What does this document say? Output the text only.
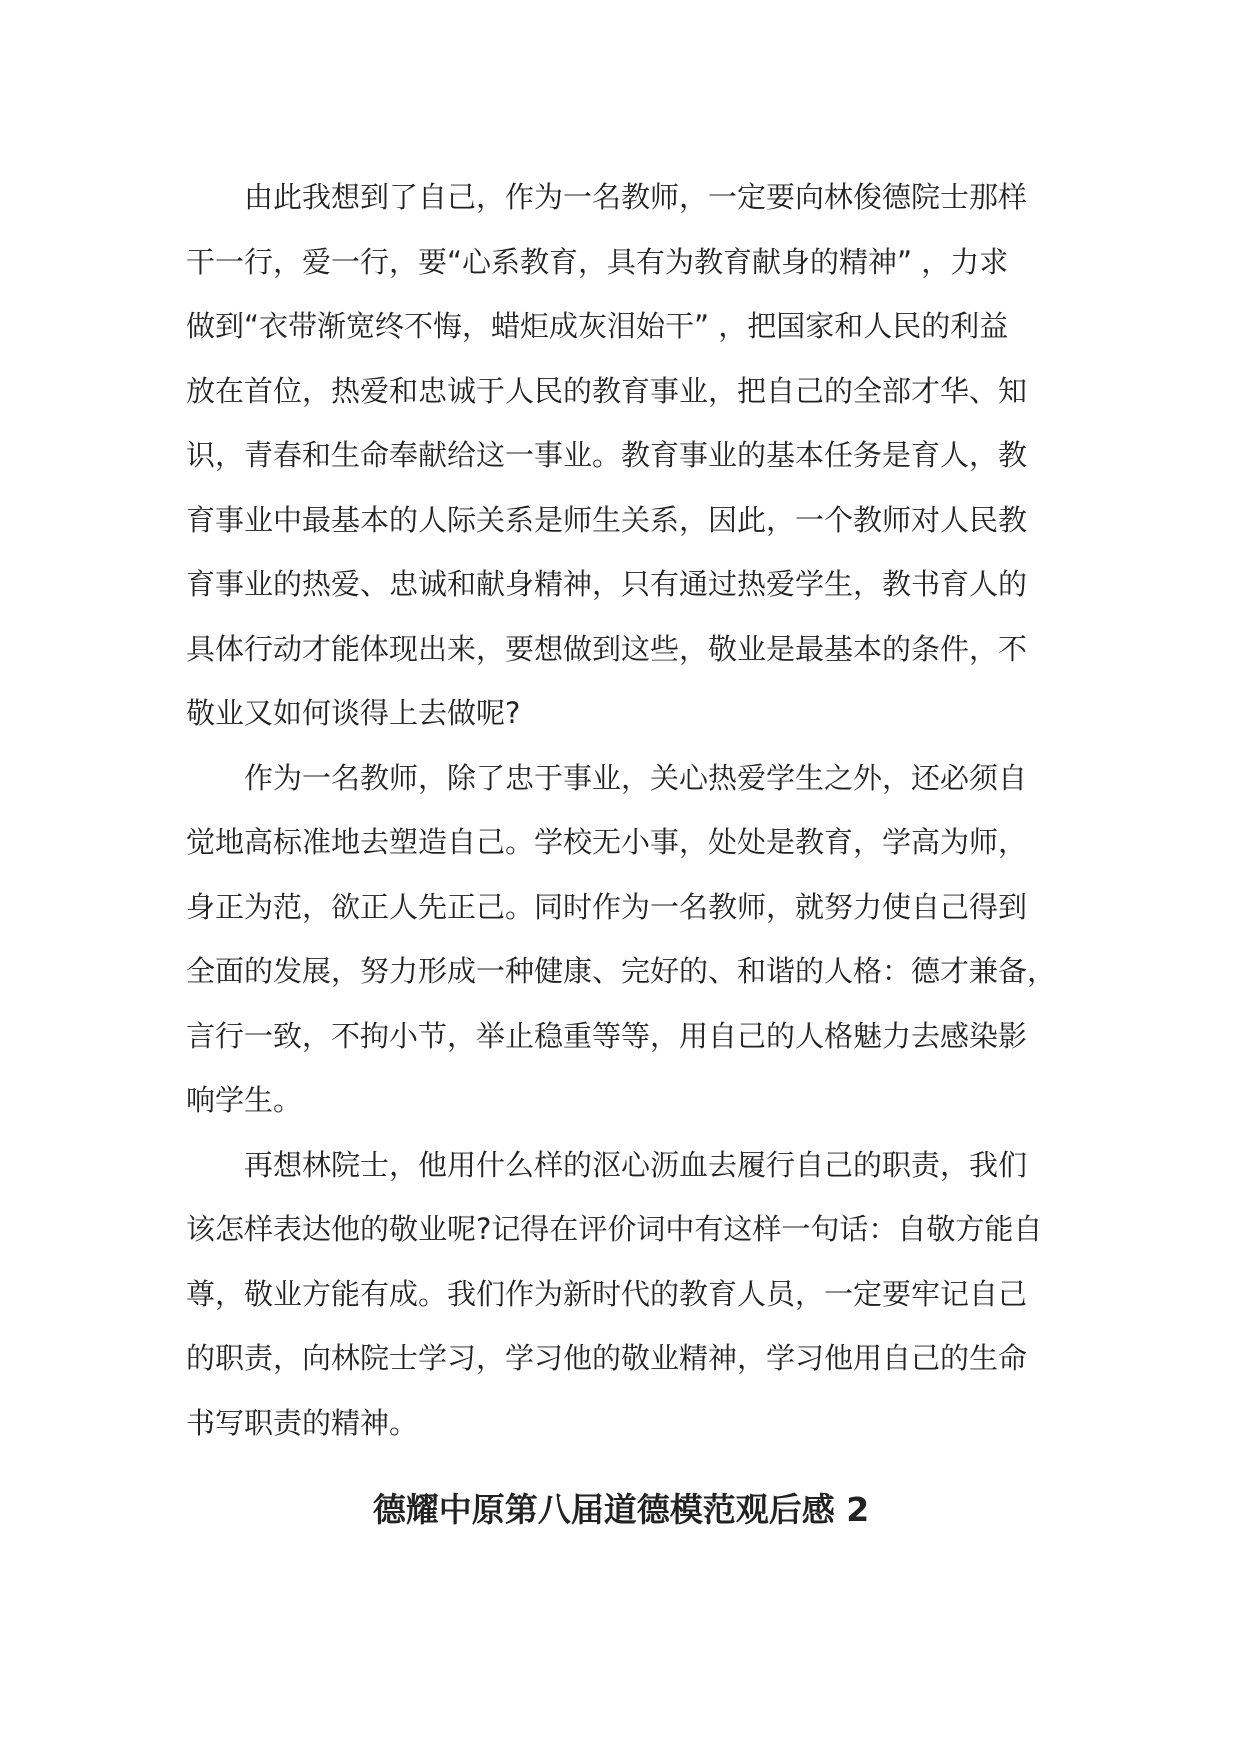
由此我想到了自己，作为一名教师，一定要向林俊德院士那样
干一行，爱一行，要“心系教育，具有为教育献身的精神” ，力求
做到“衣带渐宽终不悔，蜡炬成灰泪始干” ，把国家和人民的利益
放在首位，热爱和忠诚于人民的教育事业，把自己的全部才华、知
识，青春和生命奉献给这一事业。教育事业的基本任务是育人，教
育事业中最基本的人际关系是师生关系，因此，一个教师对人民教
育事业的热爱、忠诚和献身精神，只有通过热爱学生，教书育人的
具体行动才能体现出来，要想做到这些，敬业是最基本的条件，不
敬业又如何谈得上去做呢?
作为一名教师，除了忠于事业，关心热爱学生之外，还必须自
觉地高标准地去塑造自己。学校无小事，处处是教育，学高为师，
身正为范，欲正人先正己。同时作为一名教师，就努力使自己得到
全面的发展，努力形成一种健康、完好的、和谐的人格：德才兼备，
言行一致，不拘小节，举止稳重等等，用自己的人格魅力去感染影
响学生。
再想林院士，他用什么样的沤心沥血去履行自己的职责，我们
该怎样表达他的敬业呢?记得在评价词中有这样一句话：自敬方能自
尊，敬业方能有成。我们作为新时代的教育人员，一定要牢记自己
的职责，向林院士学习，学习他的敬业精神，学习他用自己的生命
书写职责的精神。
德耀中原第八届道德模范观后感 2
